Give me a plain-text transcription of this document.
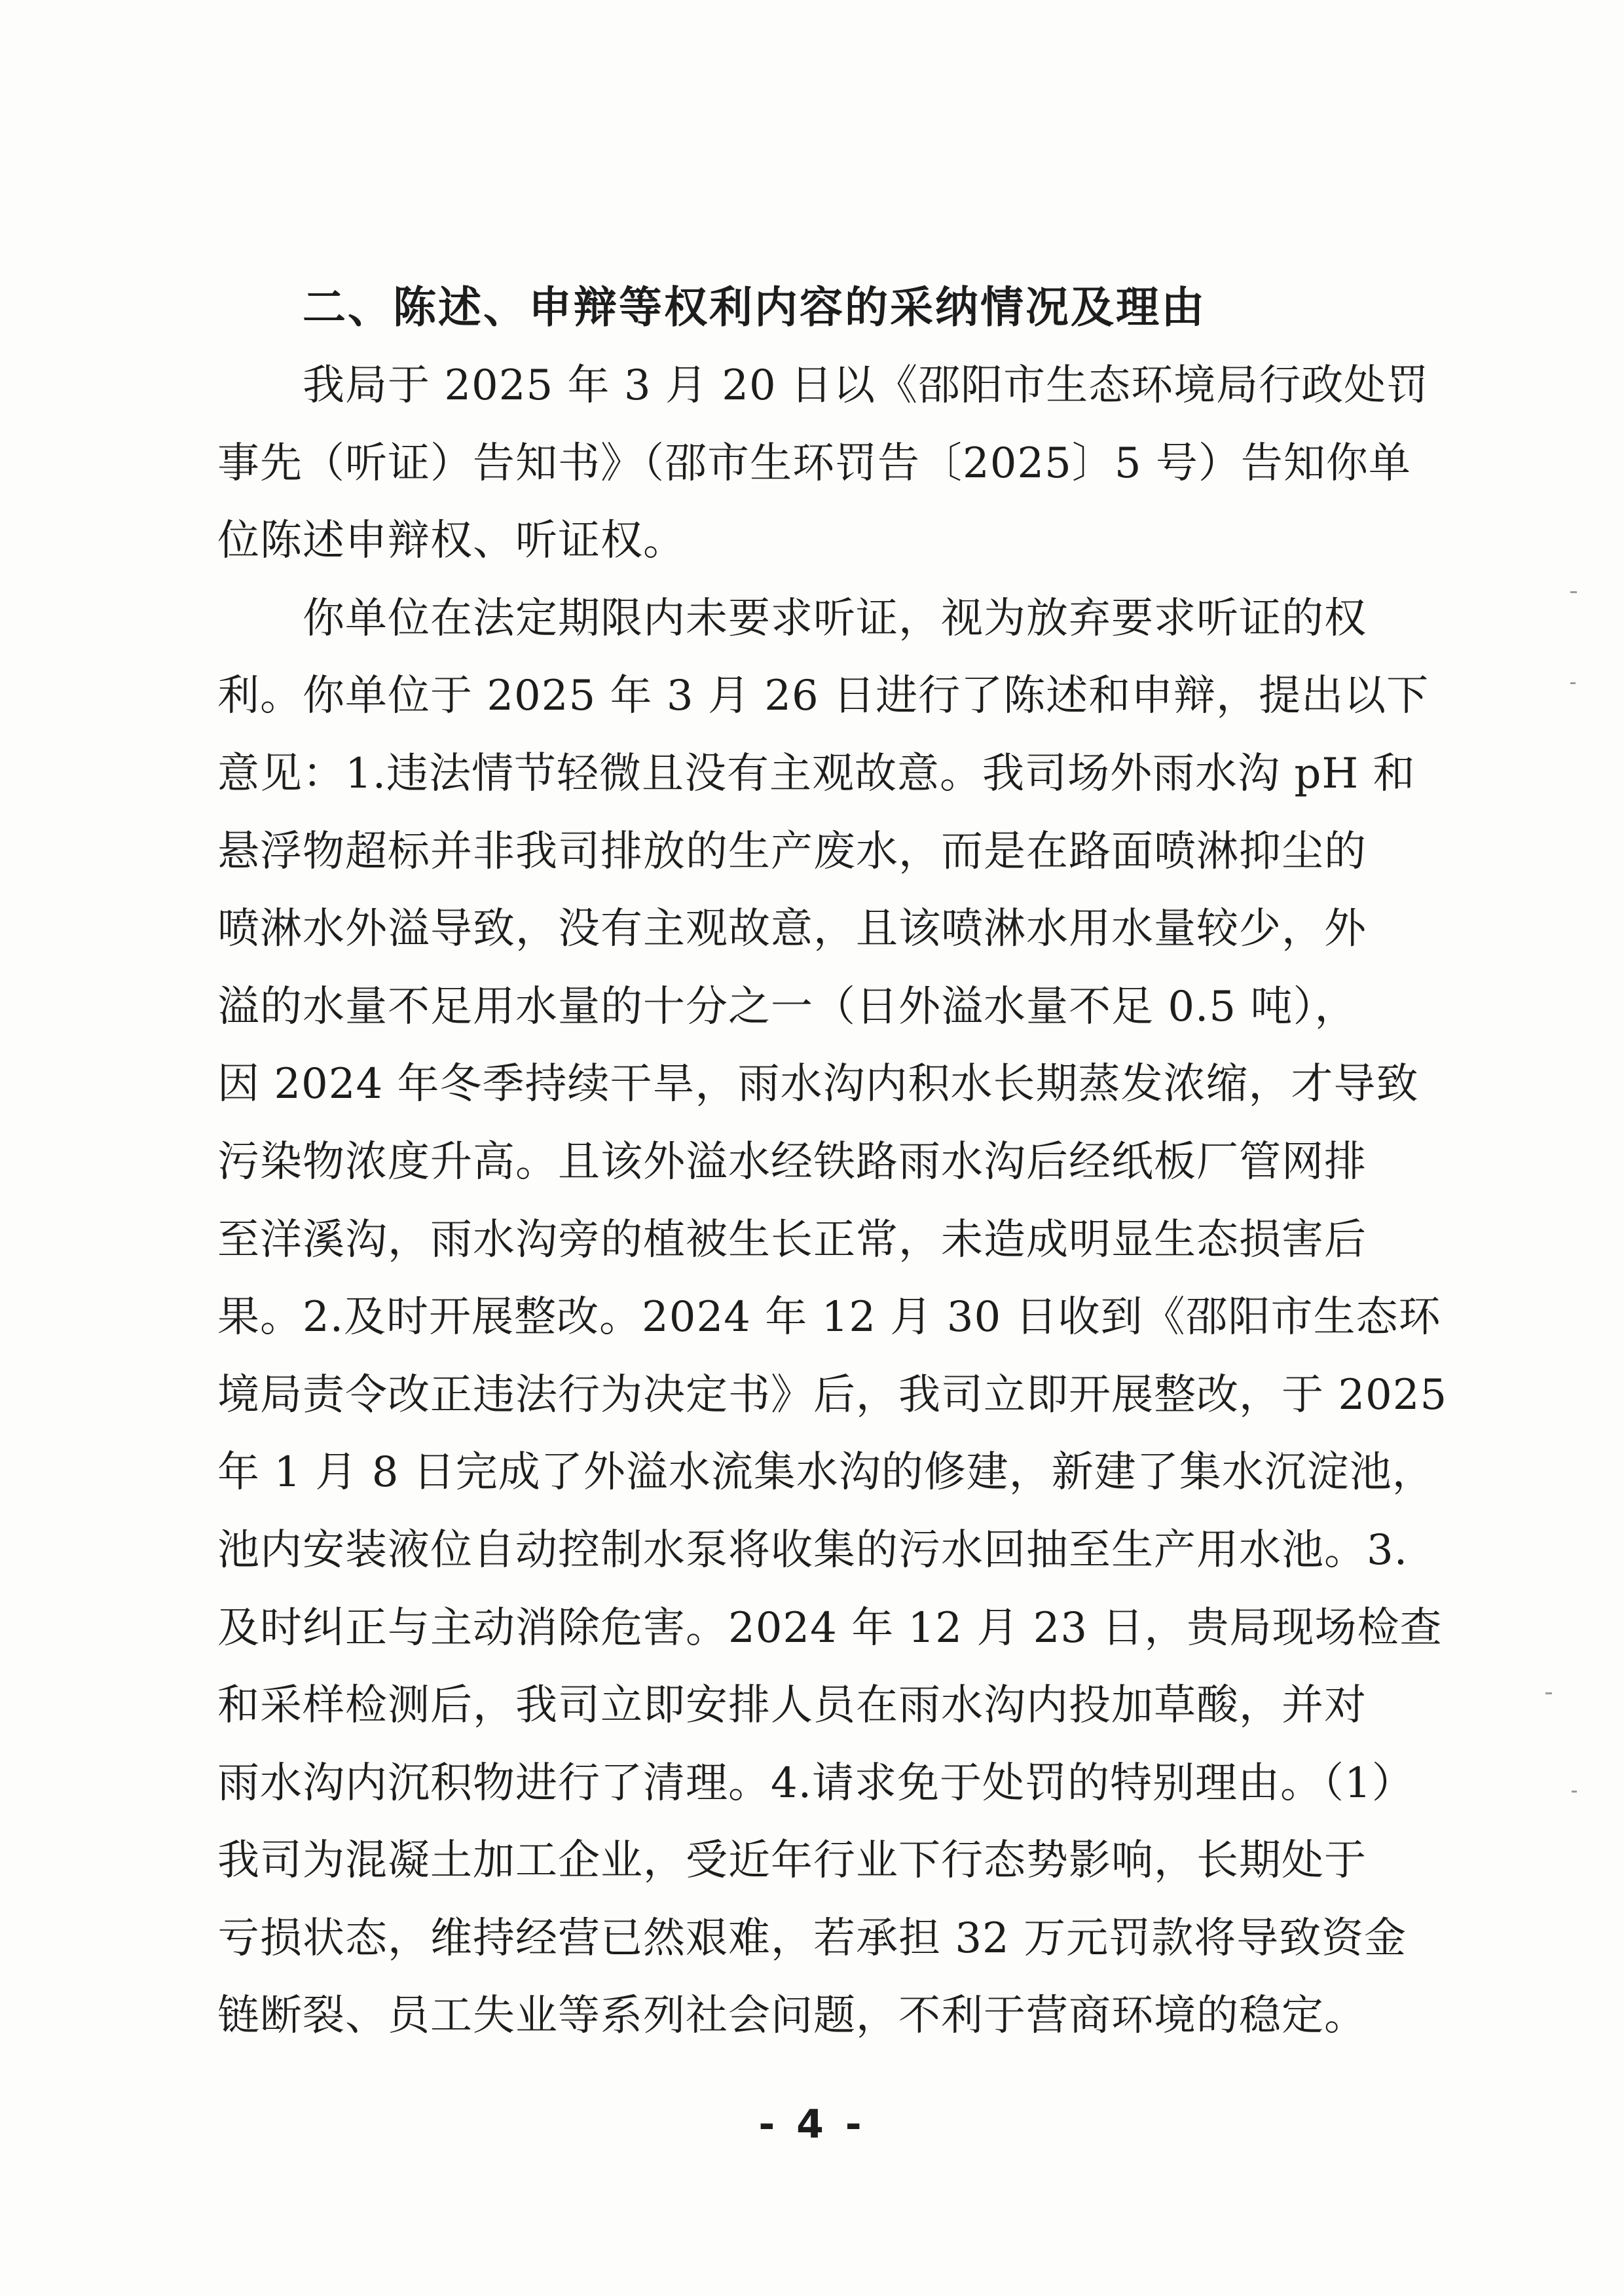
二、陈述、申辩等权利内容的采纳情况及理由
我局于 2025 年 3 月 20 日以《邵阳市生态环境局行政处罚
事先（听证）告知书》（邵市生环罚告〔2025〕5 号）告知你单
位陈述申辩权、听证权。
你单位在法定期限内未要求听证，视为放弃要求听证的权
利。你单位于 2025 年 3 月 26 日进行了陈述和申辩，提出以下
意见：1.违法情节轻微且没有主观故意。我司场外雨水沟 pH 和
悬浮物超标并非我司排放的生产废水，而是在路面喷淋抑尘的
喷淋水外溢导致，没有主观故意，且该喷淋水用水量较少，外
溢的水量不足用水量的十分之一（日外溢水量不足 0.5 吨），
因 2024 年冬季持续干旱，雨水沟内积水长期蒸发浓缩，才导致
污染物浓度升高。且该外溢水经铁路雨水沟后经纸板厂管网排
至洋溪沟，雨水沟旁的植被生长正常，未造成明显生态损害后
果。2.及时开展整改。2024 年 12 月 30 日收到《邵阳市生态环
境局责令改正违法行为决定书》后，我司立即开展整改，于 2025
年 1 月 8 日完成了外溢水流集水沟的修建，新建了集水沉淀池，
池内安装液位自动控制水泵将收集的污水回抽至生产用水池。3.
及时纠正与主动消除危害。2024 年 12 月 23 日，贵局现场检查
和采样检测后，我司立即安排人员在雨水沟内投加草酸，并对
雨水沟内沉积物进行了清理。4.请求免于处罚的特别理由。（1）
我司为混凝土加工企业，受近年行业下行态势影响，长期处于
亏损状态，维持经营已然艰难，若承担 32 万元罚款将导致资金
链断裂、员工失业等系列社会问题，不利于营商环境的稳定。
- 4 -
